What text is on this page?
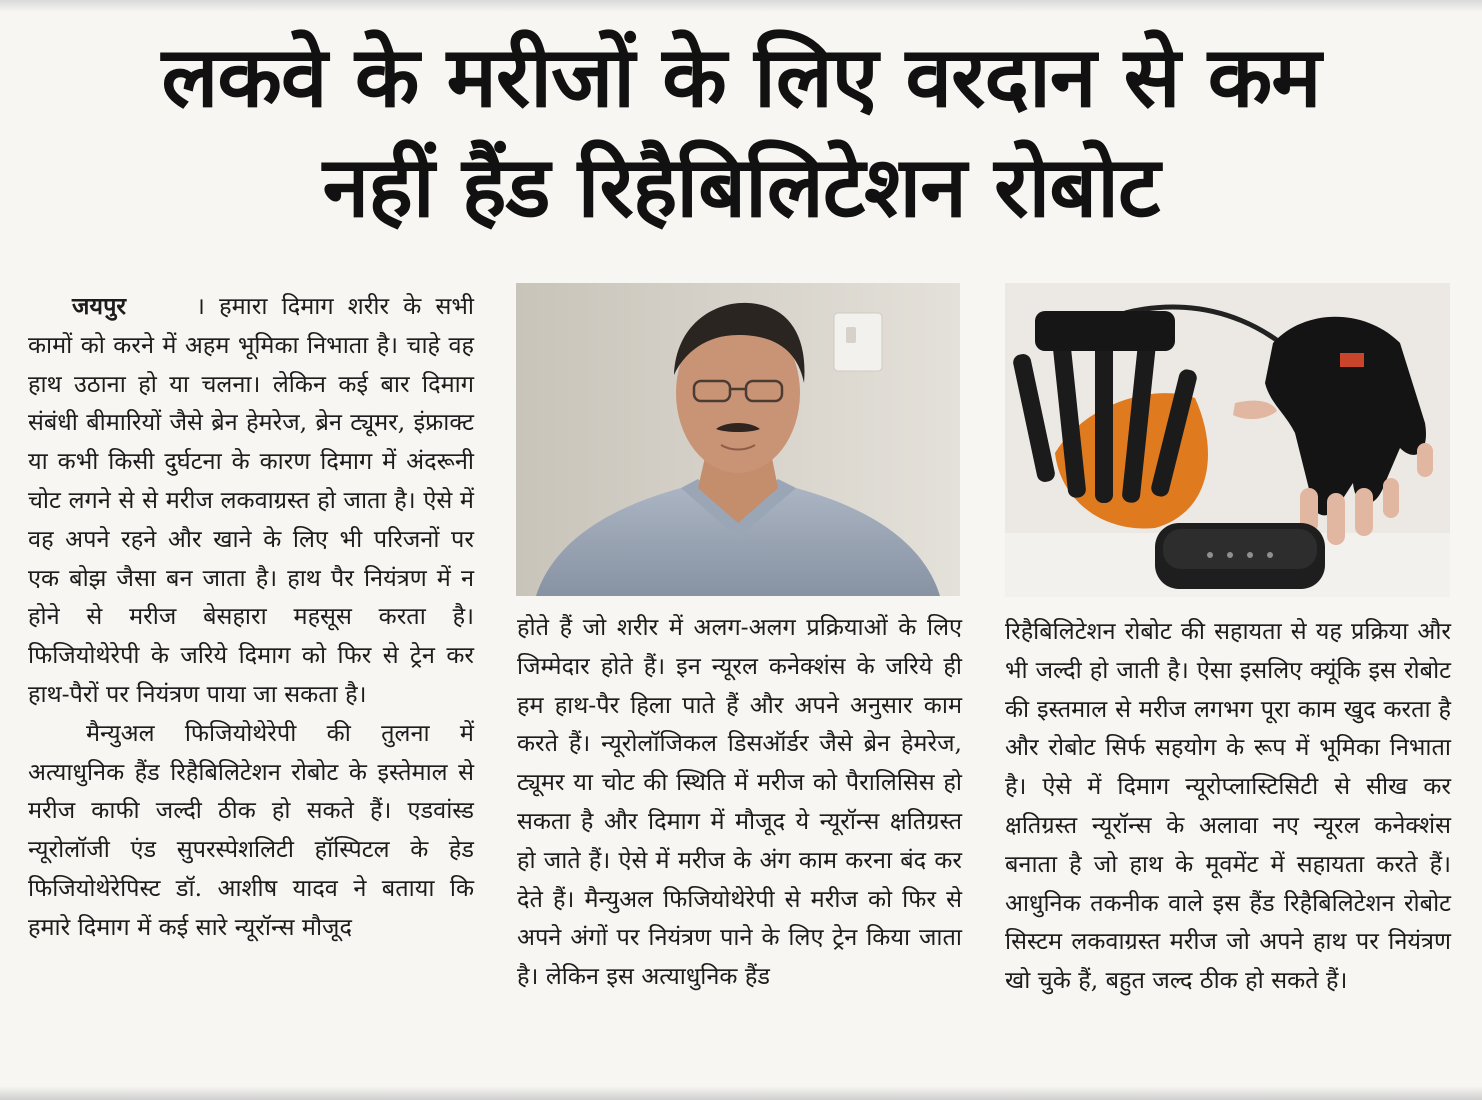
लकवे के मरीजों के लिए वरदान से कम
नहीं हैंड रिहैबिलिटेशन रोबोट

जयपुर	। हमारा दिमाग शरीर के सभी कामों को करने में अहम भूमिका निभाता है। चाहे वह हाथ उठाना हो या चलना। लेकिन कई बार दिमाग संबंधी बीमारियों जैसे ब्रेन हेमरेज, ब्रेन ट्यूमर, इंफ्राक्ट या कभी किसी दुर्घटना के कारण दिमाग में अंदरूनी चोट लगने से से मरीज लकवाग्रस्त हो जाता है। ऐसे में वह अपने रहने और खाने के लिए भी परिजनों पर एक बोझ जैसा बन जाता है। हाथ पैर नियंत्रण में न होने से मरीज बेसहारा महसूस करता है। फिजियोथेरेपी के जरिये दिमाग को फिर से ट्रेन कर हाथ-पैरों पर नियंत्रण पाया जा सकता है।

मैन्युअल फिजियोथेरेपी की तुलना में अत्याधुनिक हैंड रिहैबिलिटेशन रोबोट के इस्तेमाल से मरीज काफी जल्दी ठीक हो सकते हैं। एडवांस्ड न्यूरोलॉजी एंड सुपरस्पेशलिटी हॉस्पिटल के हेड फिजियोथेरेपिस्ट डॉ. आशीष यादव ने बताया कि हमारे दिमाग में कई सारे न्यूरॉन्स मौजूद

होते हैं जो शरीर में अलग-अलग प्रक्रियाओं के लिए जिम्मेदार होते हैं। इन न्यूरल कनेक्शंस के जरिये ही हम हाथ-पैर हिला पाते हैं और अपने अनुसार काम करते हैं। न्यूरोलॉजिकल डिसऑर्डर जैसे ब्रेन हेमरेज, ट्यूमर या चोट की स्थिति में मरीज को पैरालिसिस हो सकता है और दिमाग में मौजूद ये न्यूरॉन्स क्षतिग्रस्त हो जाते हैं। ऐसे में मरीज के अंग काम करना बंद कर देते हैं। मैन्युअल फिजियोथेरेपी से मरीज को फिर से अपने अंगों पर नियंत्रण पाने के लिए ट्रेन किया जाता है। लेकिन इस अत्याधुनिक हैंड

रिहैबिलिटेशन रोबोट की सहायता से यह प्रक्रिया और भी जल्दी हो जाती है। ऐसा इसलिए क्यूंकि इस रोबोट की इस्तमाल से मरीज लगभग पूरा काम खुद करता है और रोबोट सिर्फ सहयोग के रूप में भूमिका निभाता है। ऐसे में दिमाग न्यूरोप्लास्टिसिटी से सीख कर क्षतिग्रस्त न्यूरॉन्स के अलावा नए न्यूरल कनेक्शंस बनाता है जो हाथ के मूवमेंट में सहायता करते हैं। आधुनिक तकनीक वाले इस हैंड रिहैबिलिटेशन रोबोट सिस्टम लकवाग्रस्त मरीज जो अपने हाथ पर नियंत्रण खो चुके हैं, बहुत जल्द ठीक हो सकते हैं।
